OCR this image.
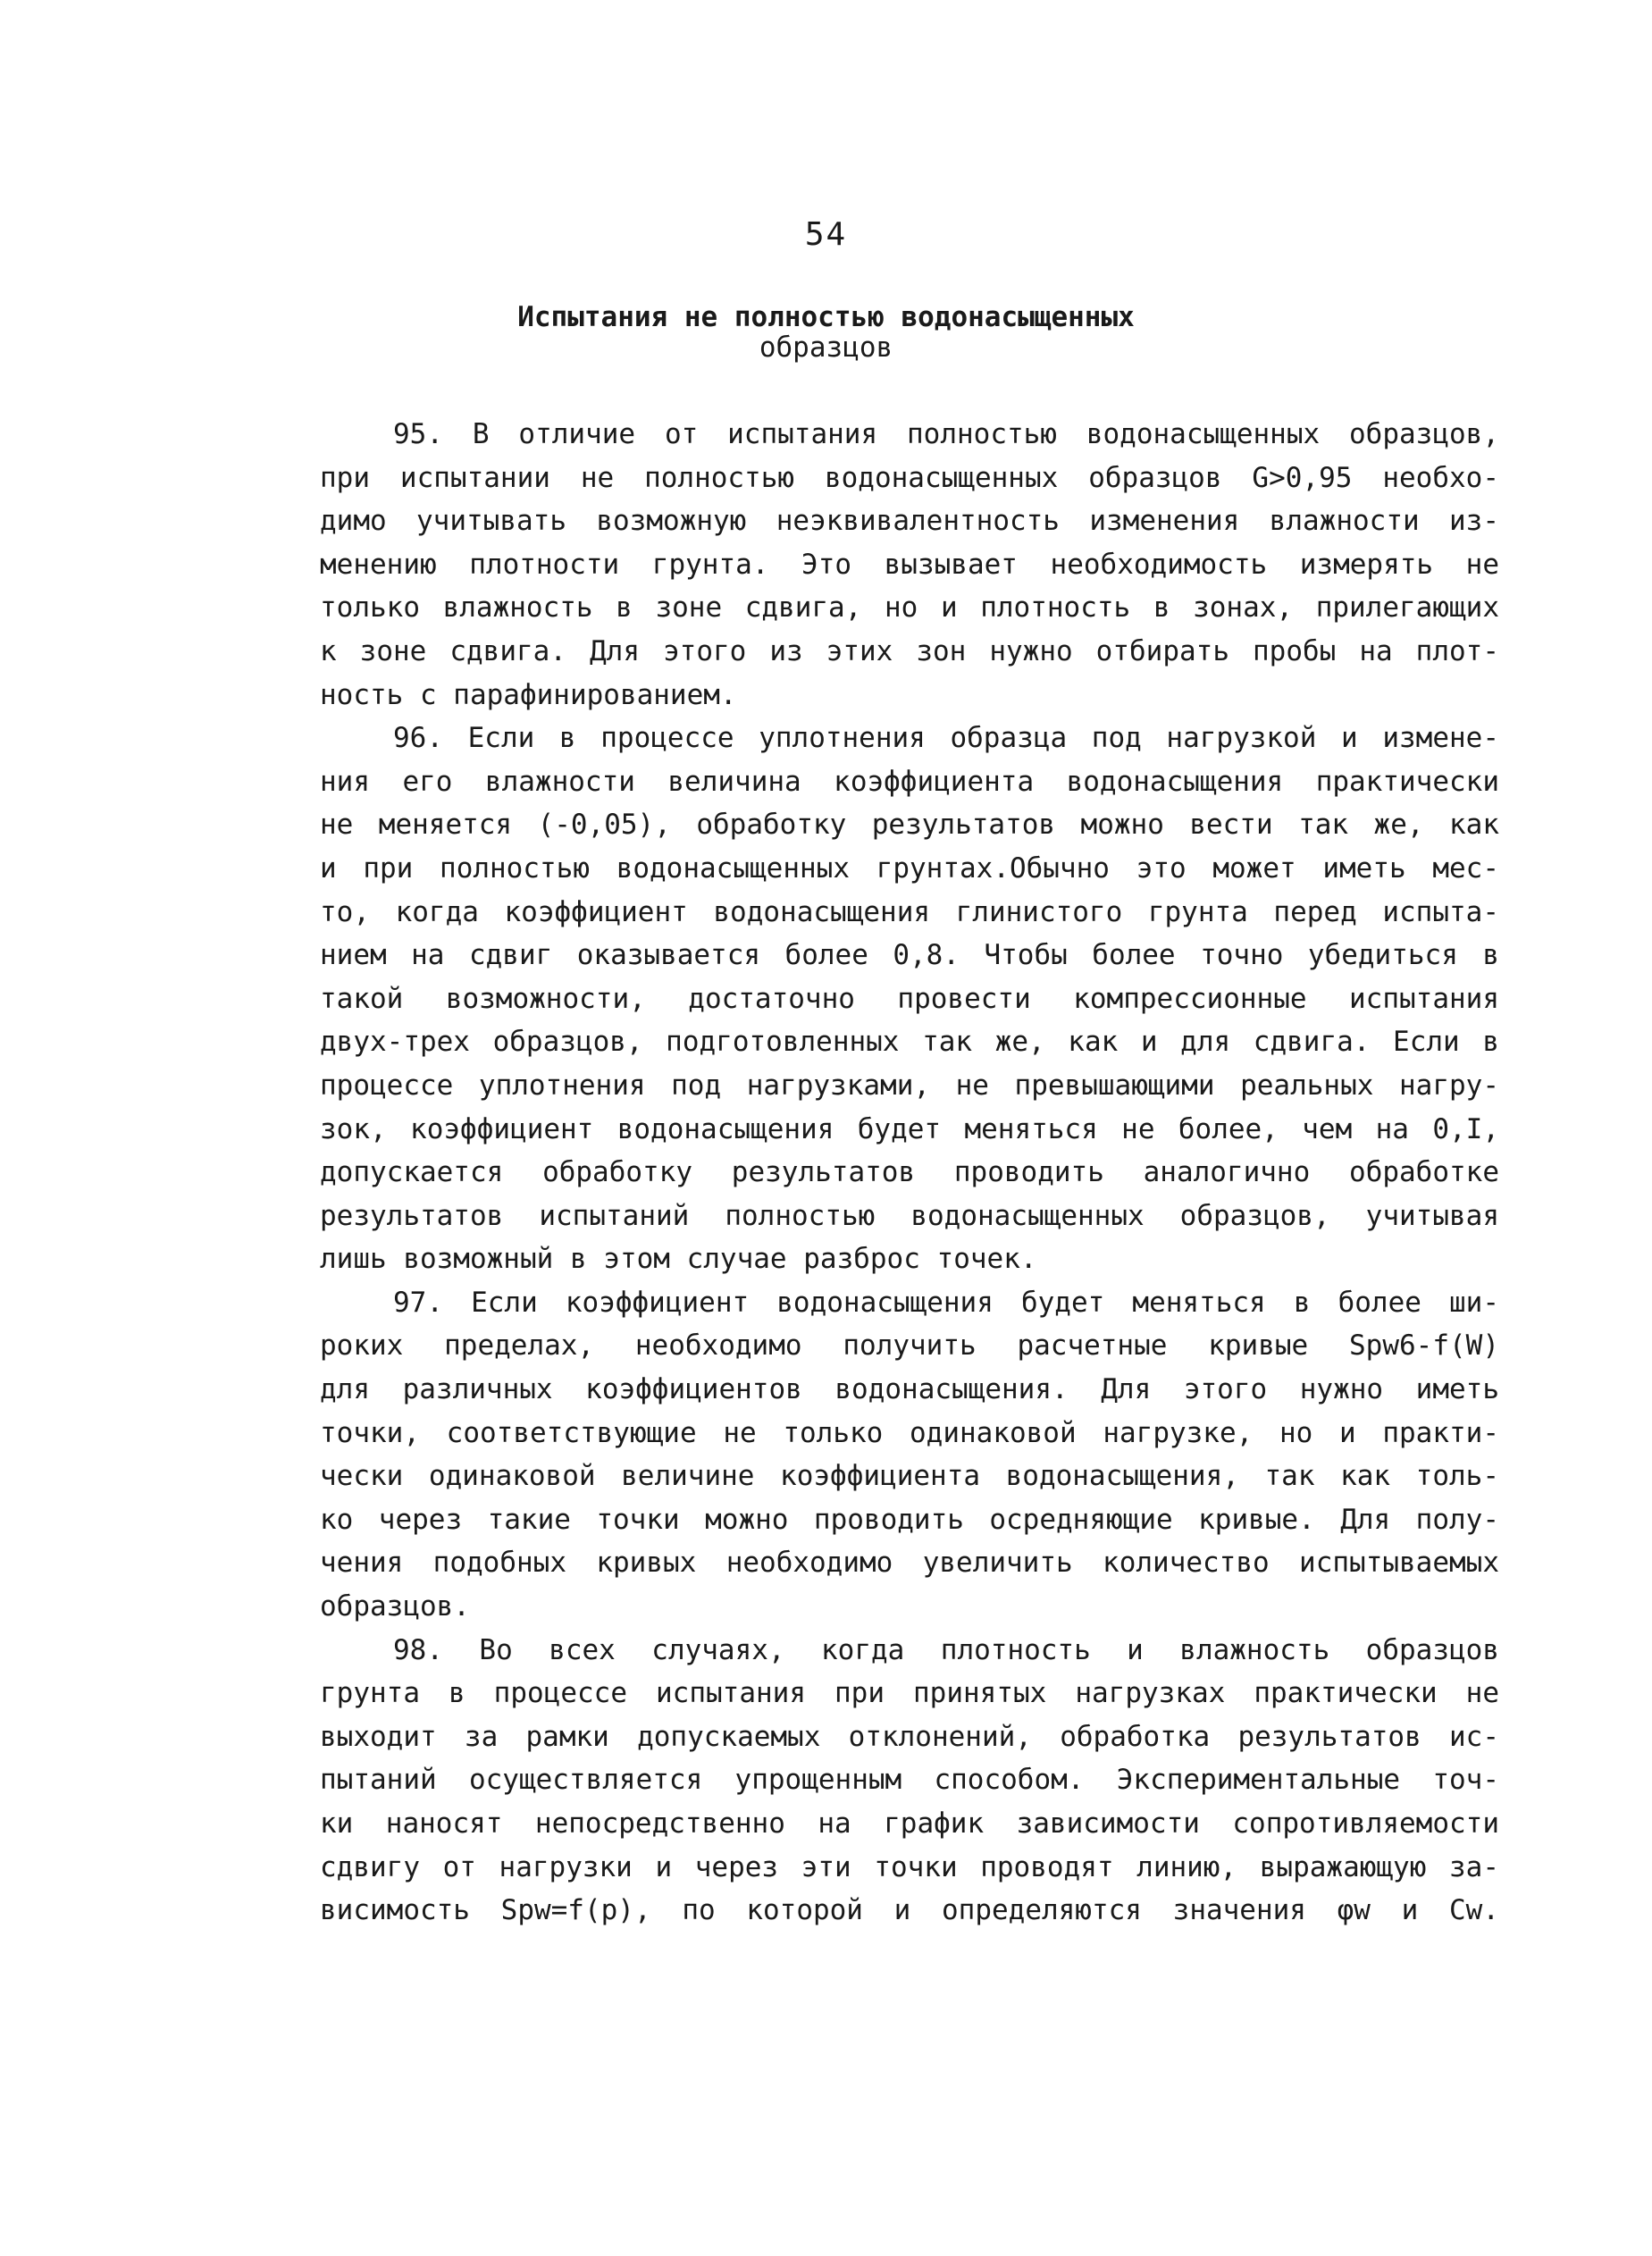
54
Испытания не полностью водонасыщенных
образцов
95. В отличие от испытания полностью водонасыщенных образцов,
при испытании не полностью водонасыщенных образцов G>0,95 необхо-
димо учитывать возможную неэквивалентность изменения влажности из-
менению плотности грунта. Это вызывает необходимость измерять не
только влажность в зоне сдвига, но и плотность в зонах, прилегающих
к зоне сдвига. Для этого из этих зон нужно отбирать пробы на плот-
ность с парафинированием.
96. Если в процессе уплотнения образца под нагрузкой и измене-
ния его влажности величина коэффициента водонасыщения практически
не меняется (-0,05), обработку результатов можно вести так же, как
и при полностью водонасыщенных грунтах.Обычно это может иметь мес-
то, когда коэффициент водонасыщения глинистого грунта перед испыта-
нием на сдвиг оказывается более 0,8. Чтобы более точно убедиться в
такой возможности, достаточно провести компрессионные испытания
двух-трех образцов, подготовленных так же, как и для сдвига. Если в
процессе уплотнения под нагрузками, не превышающими реальных нагру-
зок, коэффициент водонасыщения будет меняться не более, чем на 0,I,
допускается обработку результатов проводить аналогично обработке
результатов испытаний полностью водонасыщенных образцов, учитывая
лишь возможный в этом случае разброс точек.
97. Если коэффициент водонасыщения будет меняться в более ши-
роких пределах, необходимо получить расчетные кривые Spw6-f(W)
для различных коэффициентов водонасыщения. Для этого нужно иметь
точки, соответствующие не только одинаковой нагрузке, но и практи-
чески одинаковой величине коэффициента водонасыщения, так как толь-
ко через такие точки можно проводить осредняющие кривые. Для полу-
чения подобных кривых необходимо увеличить количество испытываемых
образцов.
98. Во всех случаях, когда плотность и влажность образцов
грунта в процессе испытания при принятых нагрузках практически не
выходит за рамки допускаемых отклонений, обработка результатов ис-
пытаний осуществляется упрощенным способом. Экспериментальные точ-
ки наносят непосредственно на график зависимости сопротивляемости
сдвигу от нагрузки и через эти точки проводят линию, выражающую за-
висимость Spw=f(p), по которой и определяются значения φw и Cw.
